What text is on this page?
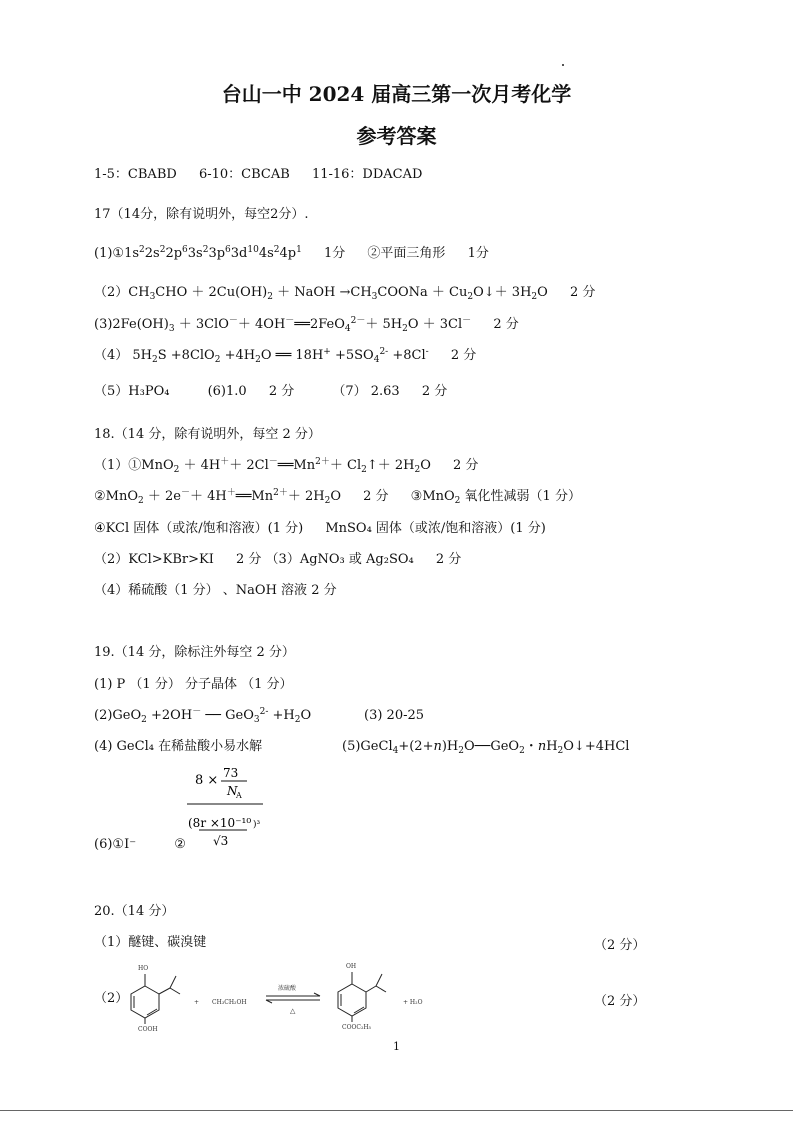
台山一中 2024 届高三第一次月考化学
参考答案
1-5：CBABD 6-10：CBCAB 11-16：DDACAD
17（14分，除有说明外，每空2分）.
$(1)①1s^22s^22p^63s^23p^63d^{10}4s^24p^1$ 1分 ②平面三角形 1分
$(2)CH_3CHO + 2Cu(OH)_2$ ＋ NaOH $\to CH_3COONa$ ＋ $Cu_2O↓+ 3H_2O$ 2 分
$(3)2Fe(OH)_3 + 3ClO^-+$ 4OH－══2FeO$_4^{2-}$＋ $5H_2O + 3Cl^-$ 2 分
（4） $5H_2S +8ClO_2 +4H_2O$ ══ $18H^+ +5SO_4^{2-} +8Cl^-$ 2 分
（5）H₃PO₄	(6)1.0 2 分	（7） 2.63 2 分
18.（14 分，除有说明外，每空 2 分）
（1）①MnO$_2$ ＋ $4H^++ 2Cl^-══Mn^{2+}+$ $Cl_2↑+ 2H_2O$ 2 分
②MnO$_2$ ＋ $2e^-+ 4H^+══Mn^{2+}+ 2H_2O$ 2 分 ③MnO$_2$ 氧化性减弱（1 分）
④KCl 固体（或浓/饱和溶液）(1 分) MnSO₄ 固体（或浓/饱和溶液）(1 分)
（2）KCl>KBr>KI 2 分 （3）AgNO₃ 或 Ag₂SO₄ 2 分
（4）稀硫酸（1 分） 、NaOH 溶液 2 分
19.（14 分，除标注外每空 2 分）
(1) P （1 分） 分子晶体 （1 分）
(2)GeO$_2$ +2OH－ ── $GeO_3^{2-} +H_2O$	(3) 20-25
(4) GeCl₄ 在稀盐酸小易水解	$(5)GeCl_4+(2+n)H_2O──GeO_2$・$nH_2O↓+4HCl$
8 × 73
N
A
(8r ×10⁻¹⁰ )³
√3
(6)①I⁻	②
20.（14 分）
（1）醚键、碳溴键	（2 分）
（2）	（2 分）
HO
COOH
+ CH₃CH₂OH
浓硫酸
△
OH
COOC₂H₅
+ H₂O
1
